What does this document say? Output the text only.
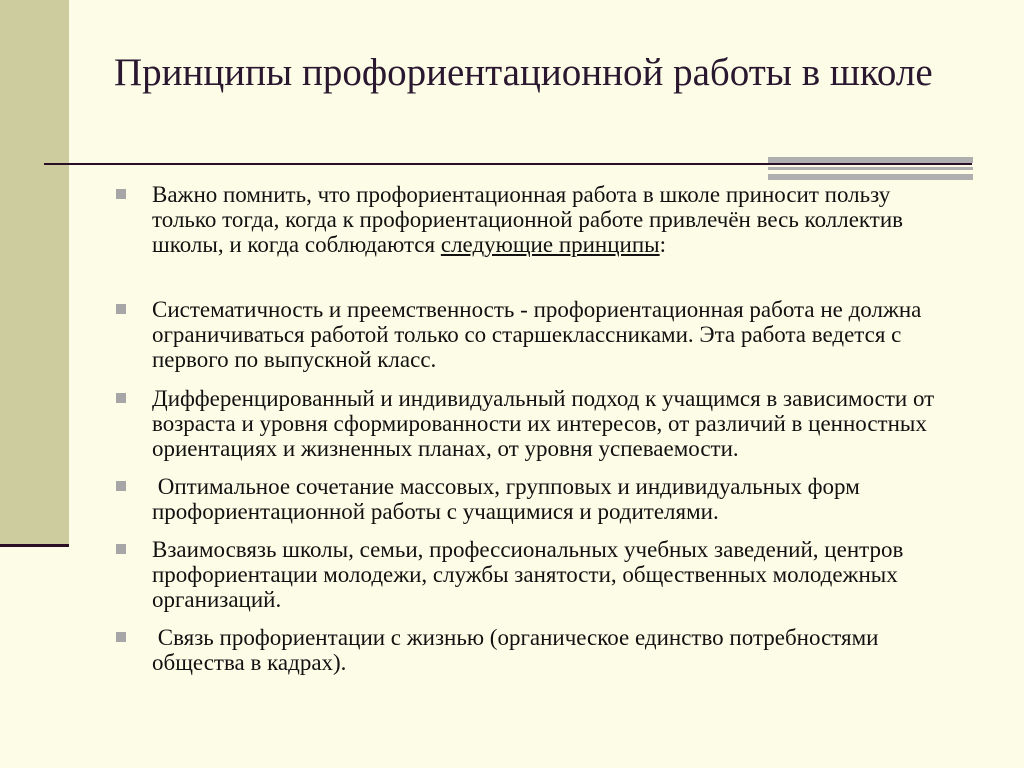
Принципы профориентационной работы в школе
Важно помнить, что профориентационная работа в школе приносит пользу только тогда, когда к профориентационной работе привлечён весь коллектив школы, и когда соблюдаются следующие принципы:
Систематичность и преемственность - профориентационная работа не должна ограничиваться работой только со старшеклассниками. Эта работа ведется с первого по выпускной класс.
Дифференцированный и индивидуальный подход к учащимся в зависимости от возраста и уровня сформированности их интересов, от различий в ценностных ориентациях и жизненных планах, от уровня успеваемости.
Оптимальное сочетание массовых, групповых и индивидуальных форм профориентационной работы с учащимися и родителями.
Взаимосвязь школы, семьи, профессиональных учебных заведений, центров профориентации молодежи, службы занятости, общественных молодежных организаций.
Связь профориентации с жизнью (органическое единство потребностями общества в кадрах).
